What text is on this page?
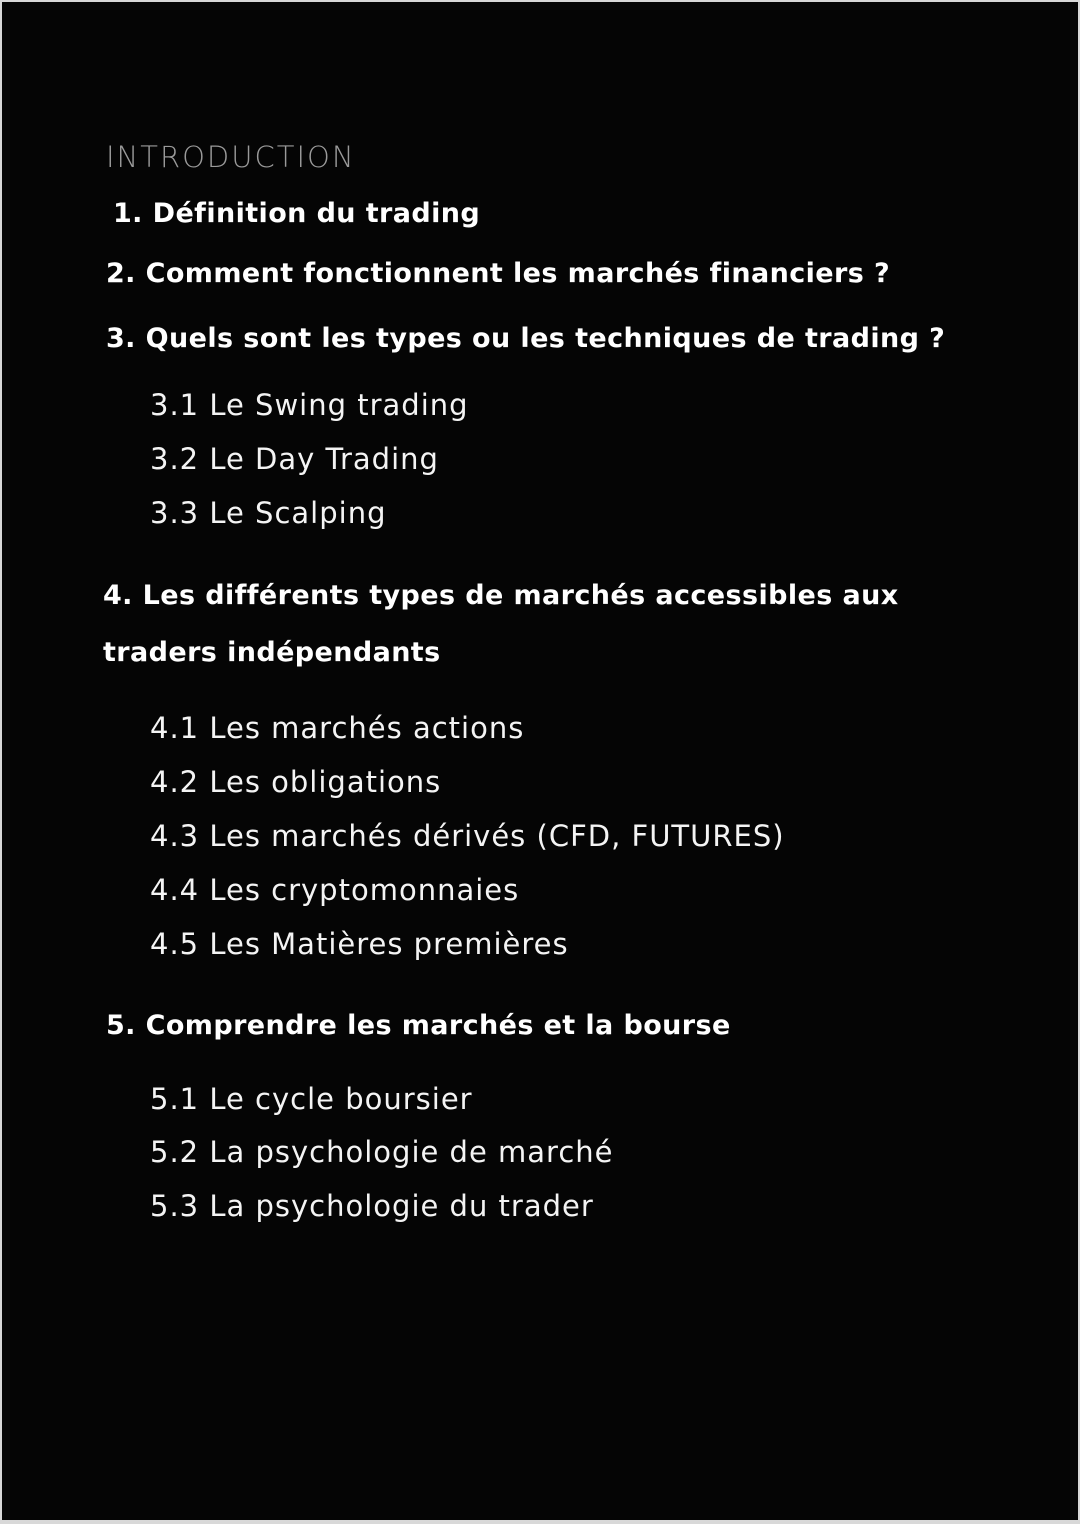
INTRODUCTION

1. Définition du trading
2. Comment fonctionnent les marchés financiers ?
3. Quels sont les types ou les techniques de trading ?

3.1 Le Swing trading

3.2 Le Day Trading

3.3 Le Scalping

4. Les différents types de marchés accessibles aux
traders indépendants

4.1 Les marchés actions

4.2 Les obligations

4.3 Les marchés dérivés (CFD, FUTURES)

4.4 Les cryptomonnaies

4.5 Les Matières premières

5. Comprendre les marchés et la bourse

5.1 Le cycle boursier

5.2 La psychologie de marché

5.3 La psychologie du trader
